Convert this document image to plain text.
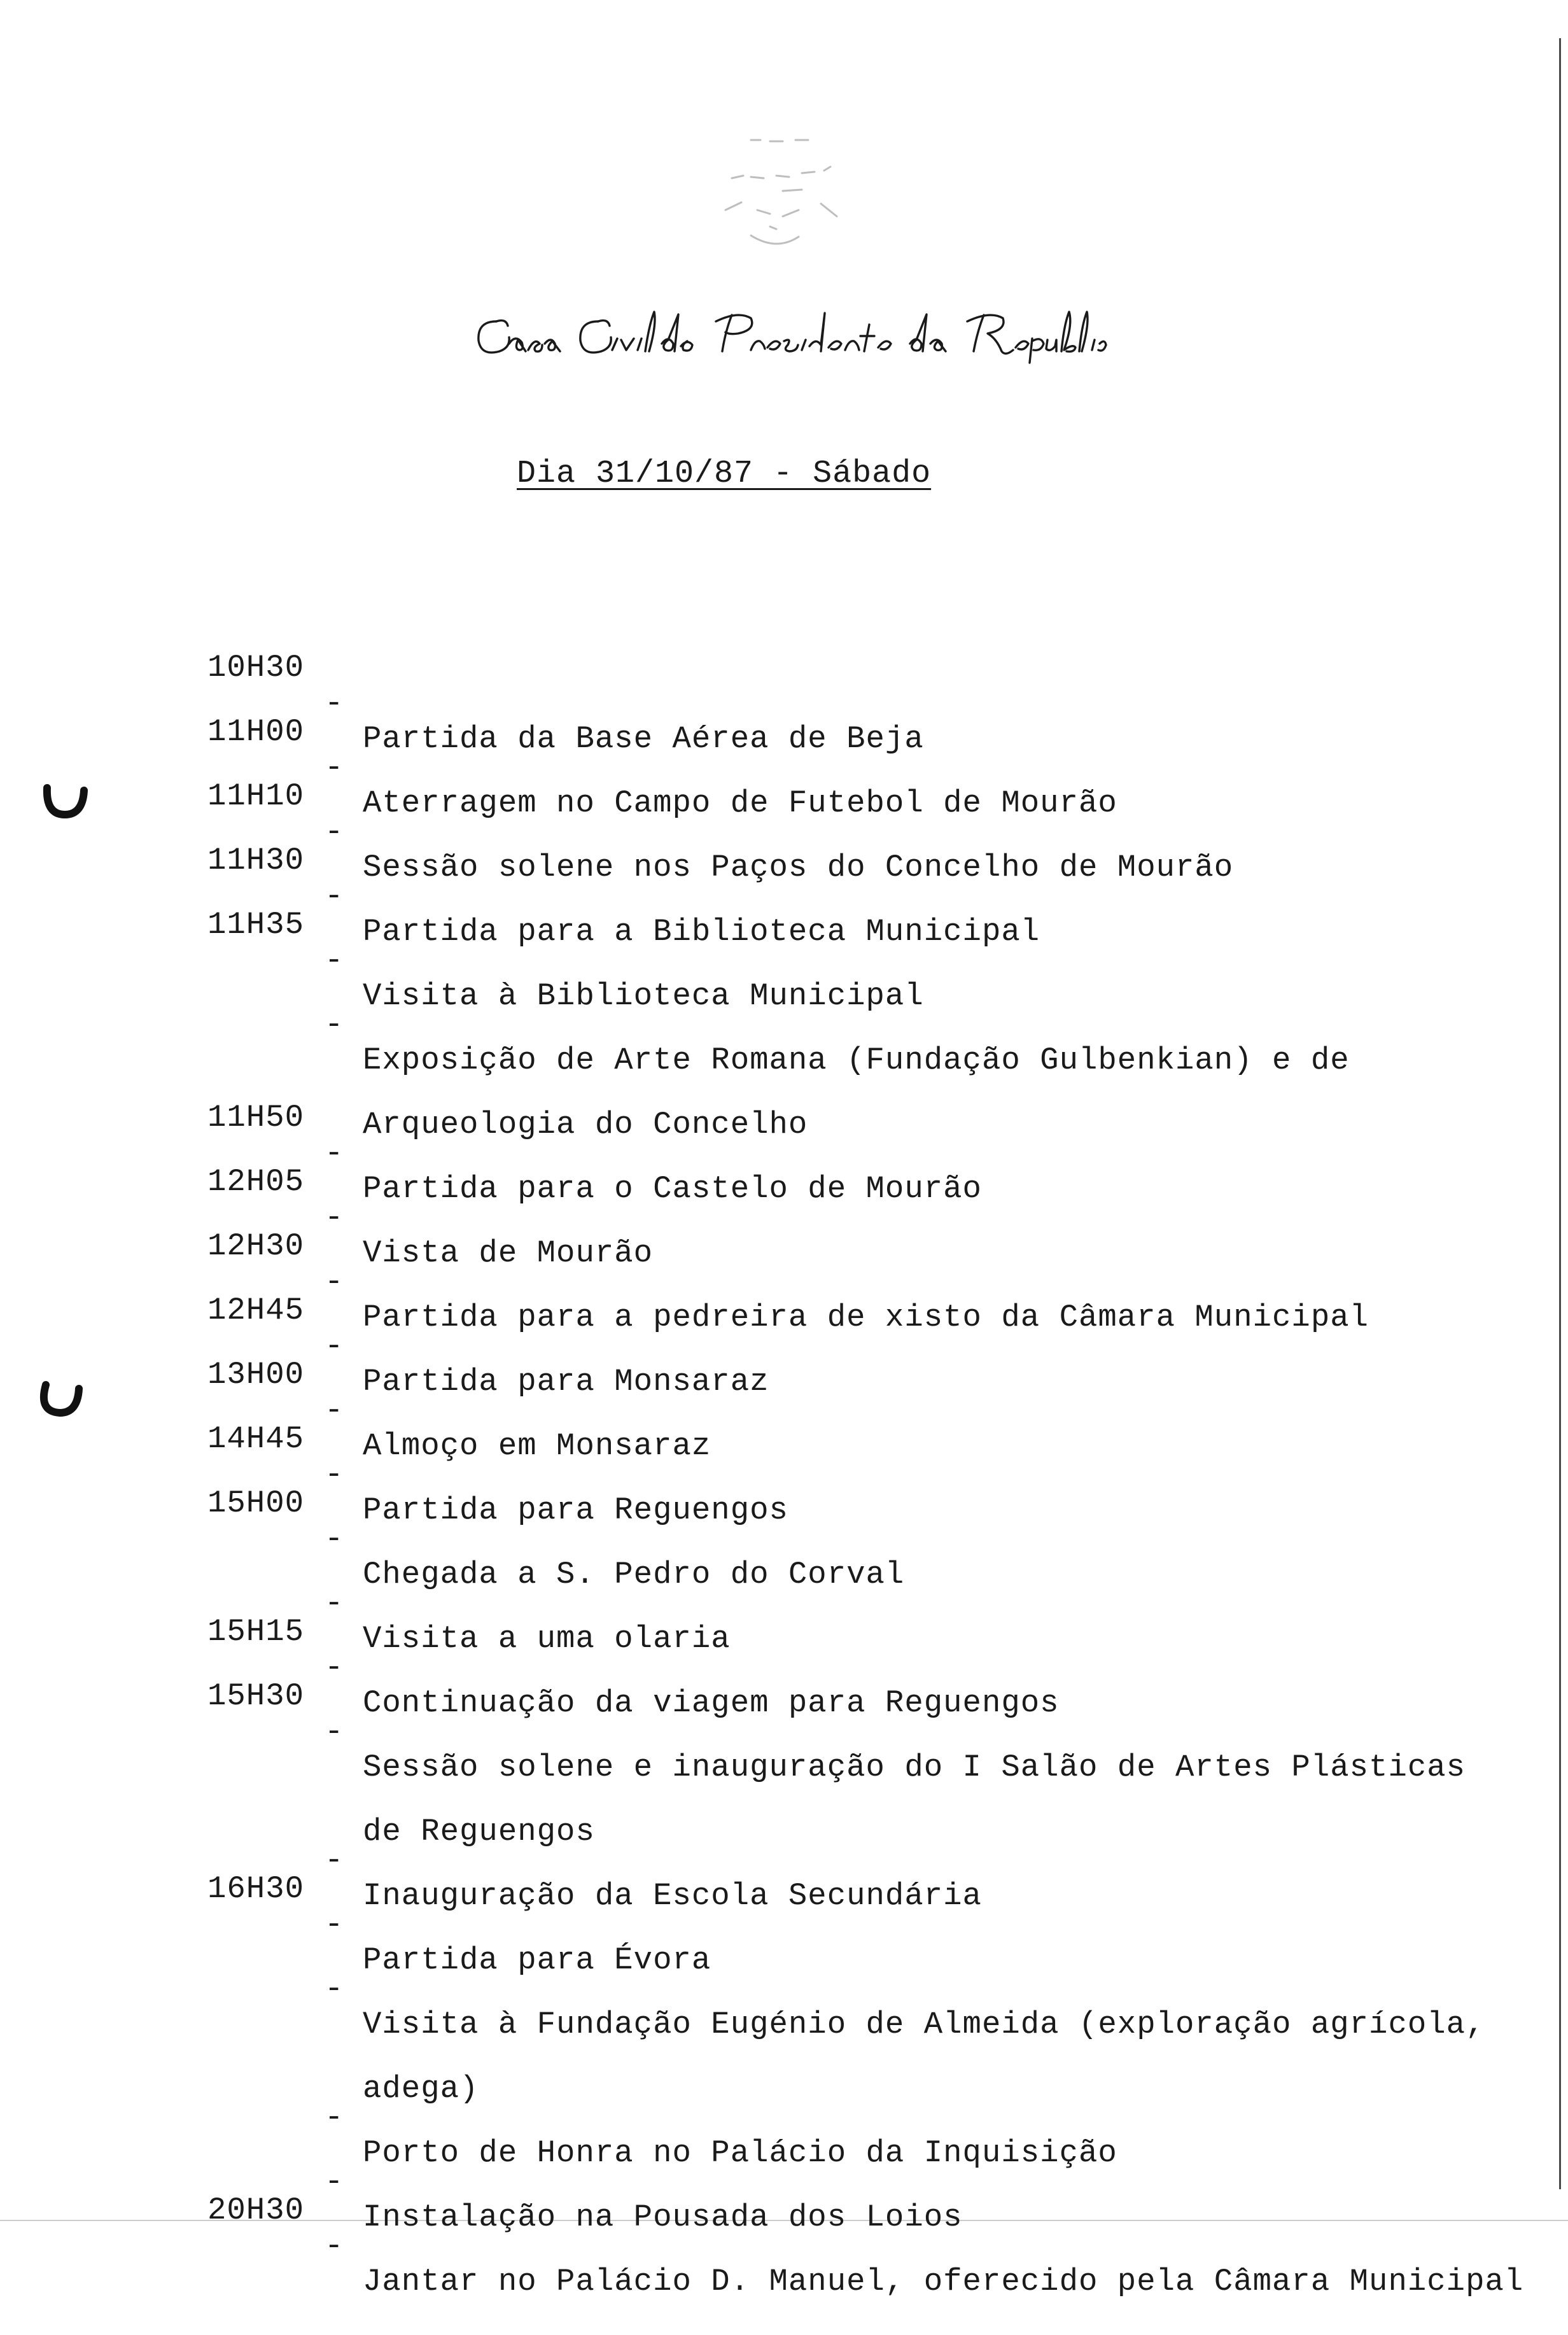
Dia 31/10/87 - Sábado

10H30

-

Partida da Base Aérea de Beja

11H00

-

Aterragem no Campo de Futebol de Mourão

11H10

-

Sessão solene nos Paços do Concelho de Mourão

11H30

-

Partida para a Biblioteca Municipal

11H35

-

Visita à Biblioteca Municipal

-

Exposição de Arte Romana (Fundação Gulbenkian) e de

Arqueologia do Concelho

11H50

-

Partida para o Castelo de Mourão

12H05

-

Vista de Mourão

12H30

-

Partida para a pedreira de xisto da Câmara Municipal

12H45

-

Partida para Monsaraz

13H00

-

Almoço em Monsaraz

14H45

-

Partida para Reguengos

15H00

-

Chegada a S. Pedro do Corval

-

Visita a uma olaria

15H15

-

Continuação da viagem para Reguengos

15H30

-

Sessão solene e inauguração do I Salão de Artes Plásticas

de Reguengos

-

Inauguração da Escola Secundária

16H30

-

Partida para Évora

-

Visita à Fundação Eugénio de Almeida (exploração agrícola,

adega)

-

Porto de Honra no Palácio da Inquisição

-

Instalação na Pousada dos Loios

20H30

-

Jantar no Palácio D. Manuel, oferecido pela Câmara Municipal
